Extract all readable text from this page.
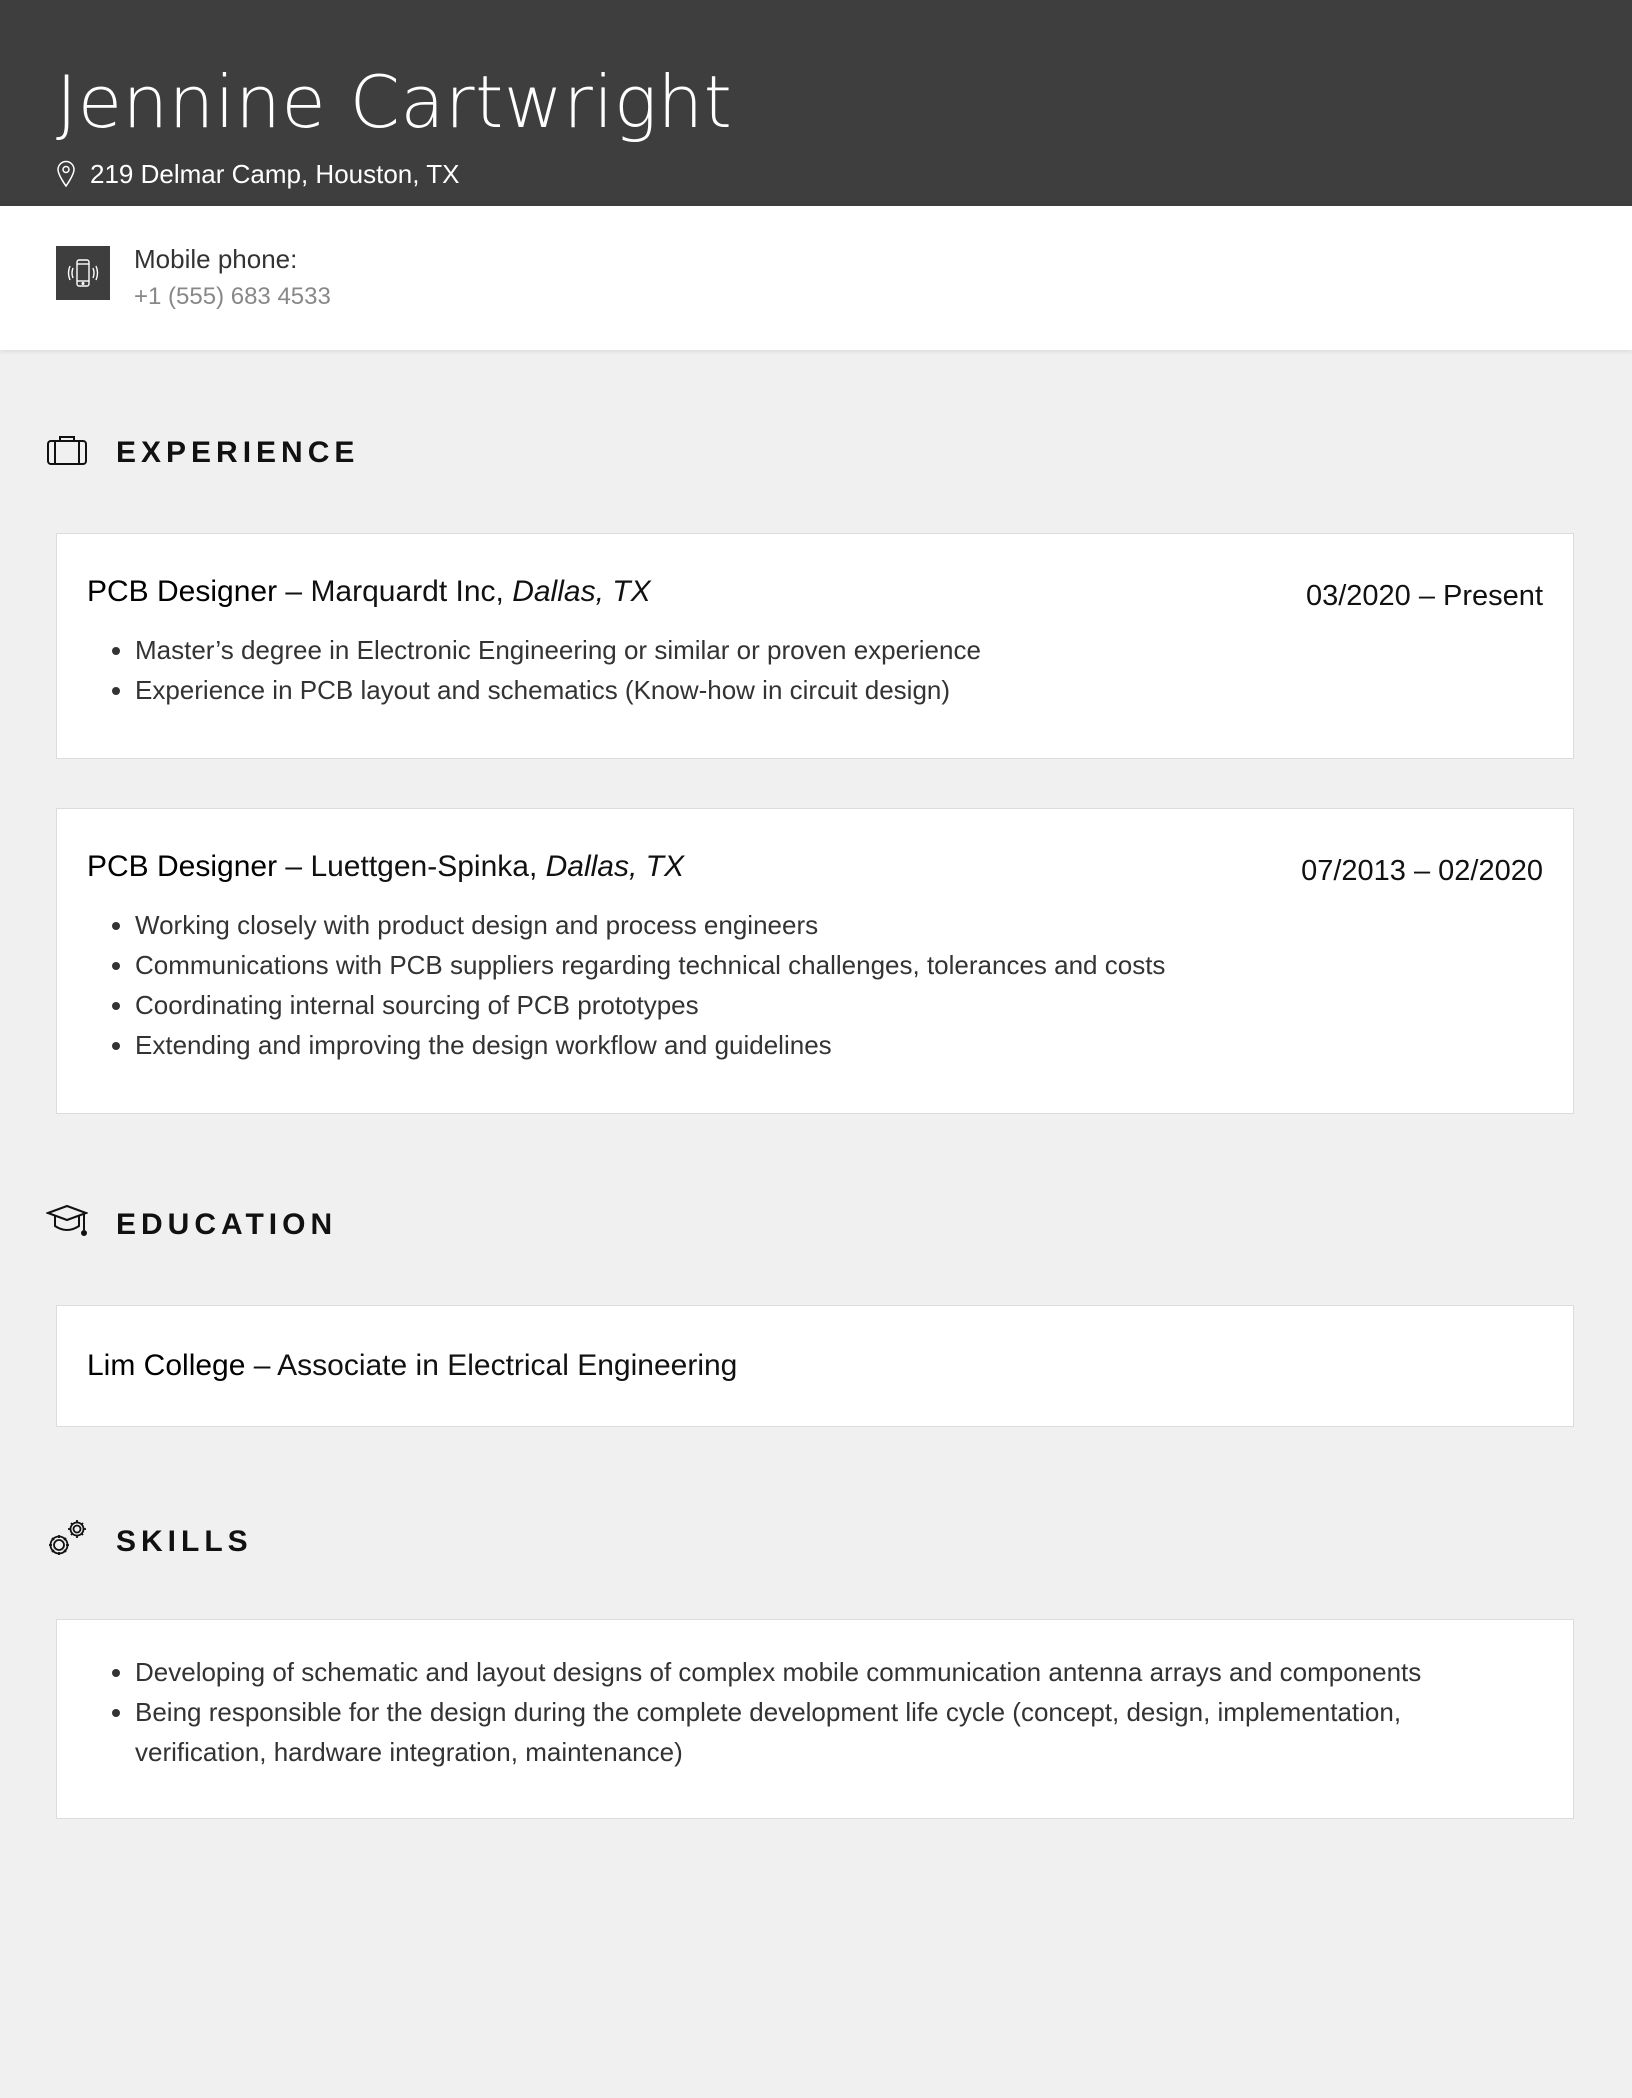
Jennine Cartwright
219 Delmar Camp, Houston, TX
Mobile phone:
+1 (555) 683 4533
EXPERIENCE
PCB Designer – Marquardt Inc, Dallas, TX	03/2020 – Present
• Master’s degree in Electronic Engineering or similar or proven experience
• Experience in PCB layout and schematics (Know-how in circuit design)
PCB Designer – Luettgen-Spinka, Dallas, TX	07/2013 – 02/2020
• Working closely with product design and process engineers
• Communications with PCB suppliers regarding technical challenges, tolerances and costs
• Coordinating internal sourcing of PCB prototypes
• Extending and improving the design workflow and guidelines
EDUCATION
Lim College – Associate in Electrical Engineering
SKILLS
• Developing of schematic and layout designs of complex mobile communication antenna arrays and components
• Being responsible for the design during the complete development life cycle (concept, design, implementation, verification, hardware integration, maintenance)
